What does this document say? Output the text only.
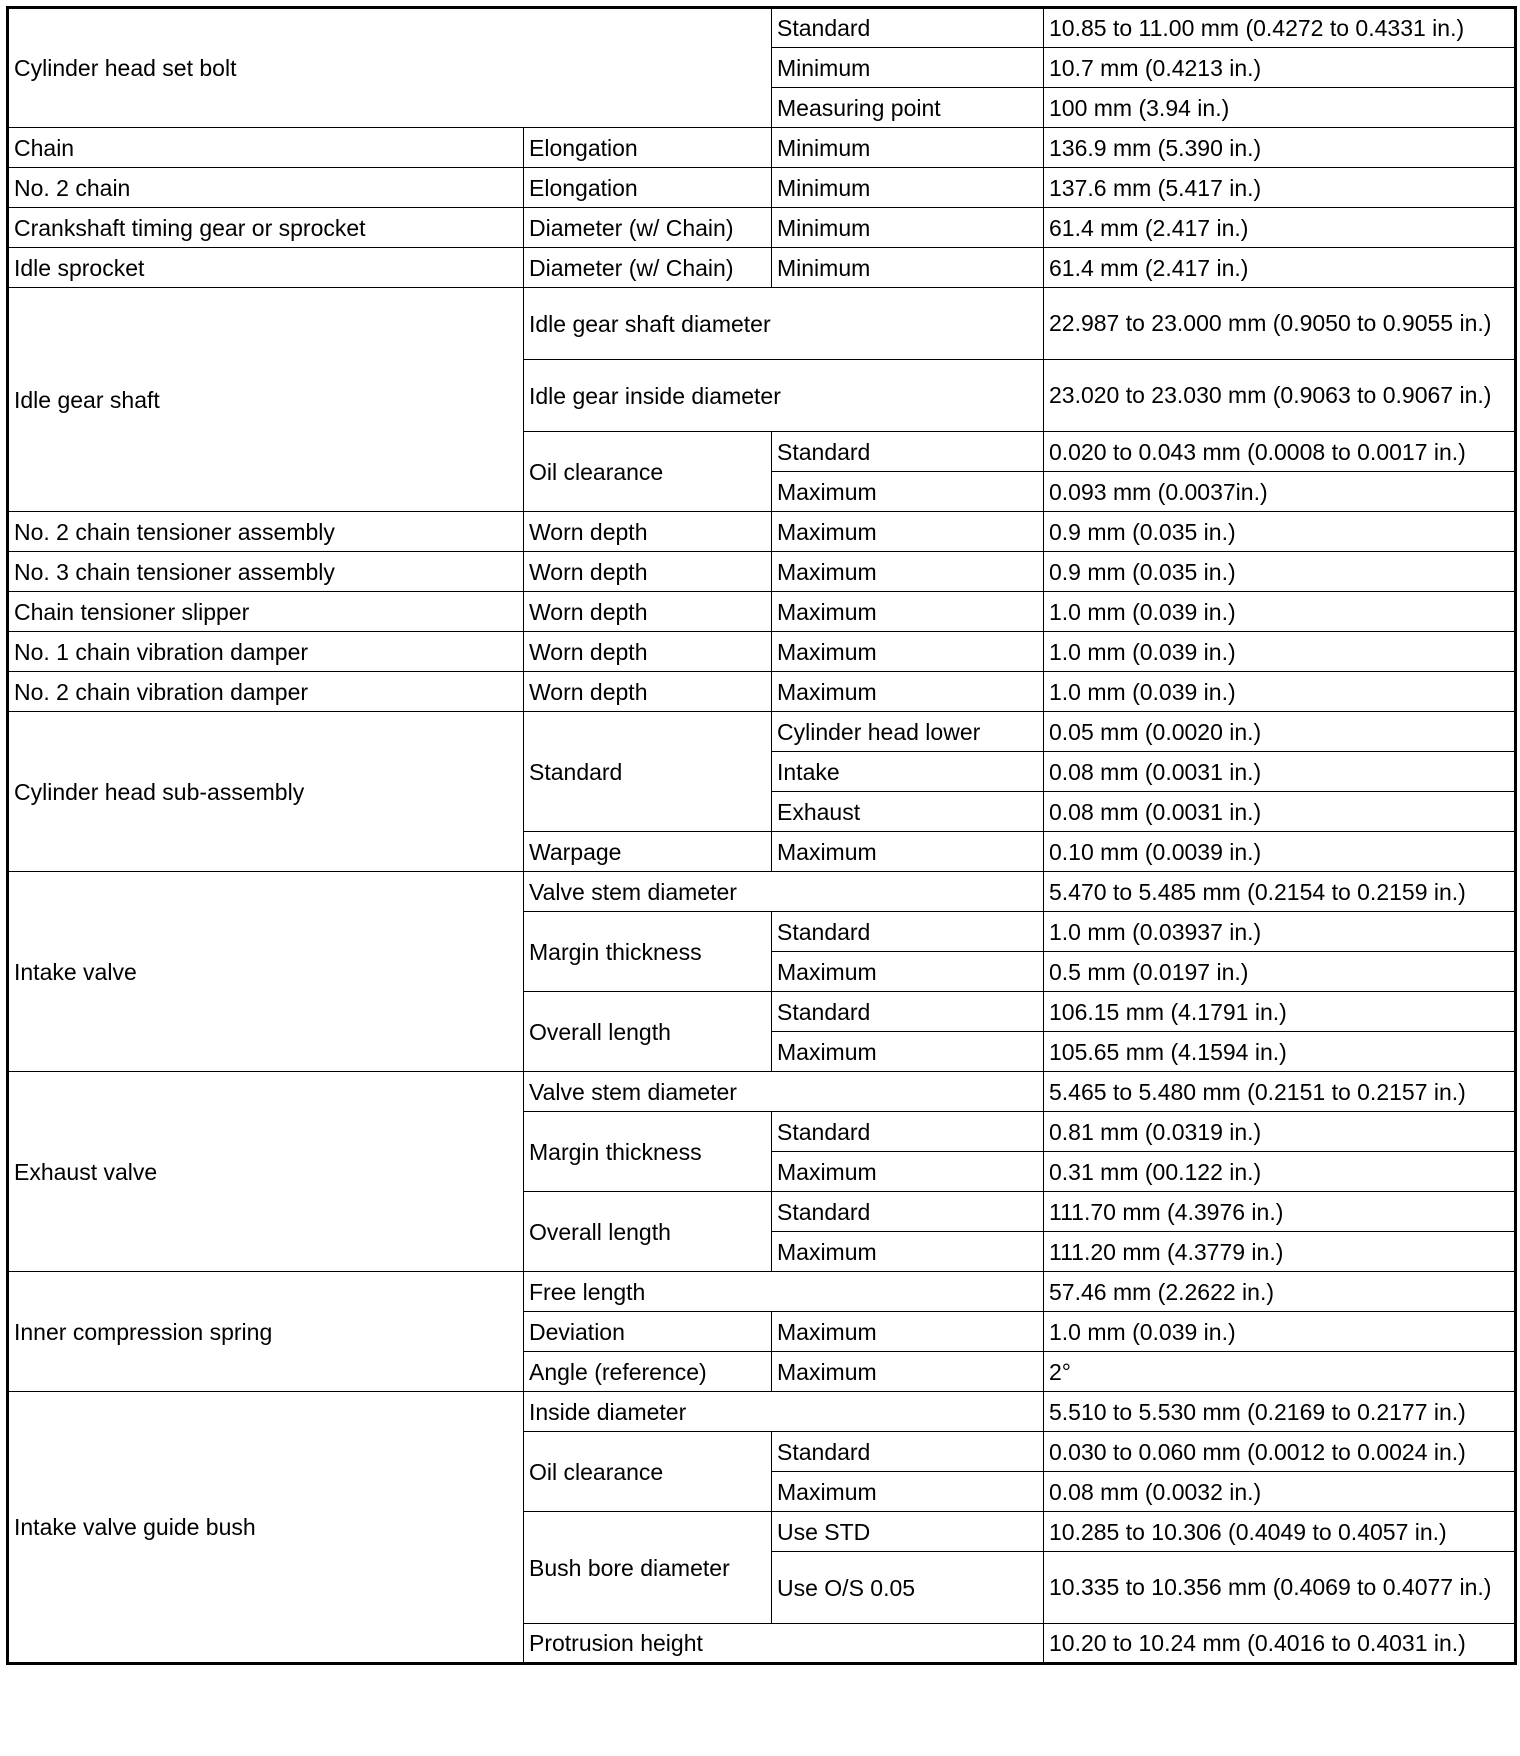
Cylinder head set bolt		Standard	10.85 to 11.00 mm (0.4272 to 0.4331 in.)
		Minimum	10.7 mm (0.4213 in.)
		Measuring point	100 mm (3.94 in.)
Chain	Elongation	Minimum	136.9 mm (5.390 in.)
No. 2 chain	Elongation	Minimum	137.6 mm (5.417 in.)
Crankshaft timing gear or sprocket	Diameter (w/ Chain)	Minimum	61.4 mm (2.417 in.)
Idle sprocket	Diameter (w/ Chain)	Minimum	61.4 mm (2.417 in.)
Idle gear shaft	Idle gear shaft diameter		22.987 to 23.000 mm (0.9050 to 0.9055 in.)
	Idle gear inside diameter		23.020 to 23.030 mm (0.9063 to 0.9067 in.)
	Oil clearance	Standard	0.020 to 0.043 mm (0.0008 to 0.0017 in.)
		Maximum	0.093 mm (0.0037in.)
No. 2 chain tensioner assembly	Worn depth	Maximum	0.9 mm (0.035 in.)
No. 3 chain tensioner assembly	Worn depth	Maximum	0.9 mm (0.035 in.)
Chain tensioner slipper	Worn depth	Maximum	1.0 mm (0.039 in.)
No. 1 chain vibration damper	Worn depth	Maximum	1.0 mm (0.039 in.)
No. 2 chain vibration damper	Worn depth	Maximum	1.0 mm (0.039 in.)
Cylinder head sub-assembly	Standard	Cylinder head lower	0.05 mm (0.0020 in.)
		Intake	0.08 mm (0.0031 in.)
		Exhaust	0.08 mm (0.0031 in.)
	Warpage	Maximum	0.10 mm (0.0039 in.)
Intake valve	Valve stem diameter		5.470 to 5.485 mm (0.2154 to 0.2159 in.)
	Margin thickness	Standard	1.0 mm (0.03937 in.)
		Maximum	0.5 mm (0.0197 in.)
	Overall length	Standard	106.15 mm (4.1791 in.)
		Maximum	105.65 mm (4.1594 in.)
Exhaust valve	Valve stem diameter		5.465 to 5.480 mm (0.2151 to 0.2157 in.)
	Margin thickness	Standard	0.81 mm (0.0319 in.)
		Maximum	0.31 mm (00.122 in.)
	Overall length	Standard	111.70 mm (4.3976 in.)
		Maximum	111.20 mm (4.3779 in.)
Inner compression spring	Free length		57.46 mm (2.2622 in.)
	Deviation	Maximum	1.0 mm (0.039 in.)
	Angle (reference)	Maximum	2°
Intake valve guide bush	Inside diameter		5.510 to 5.530 mm (0.2169 to 0.2177 in.)
	Oil clearance	Standard	0.030 to 0.060 mm (0.0012 to 0.0024 in.)
		Maximum	0.08 mm (0.0032 in.)
	Bush bore diameter	Use STD	10.285 to 10.306 (0.4049 to 0.4057 in.)
		Use O/S 0.05	10.335 to 10.356 mm (0.4069 to 0.4077 in.)
	Protrusion height		10.20 to 10.24 mm (0.4016 to 0.4031 in.)
